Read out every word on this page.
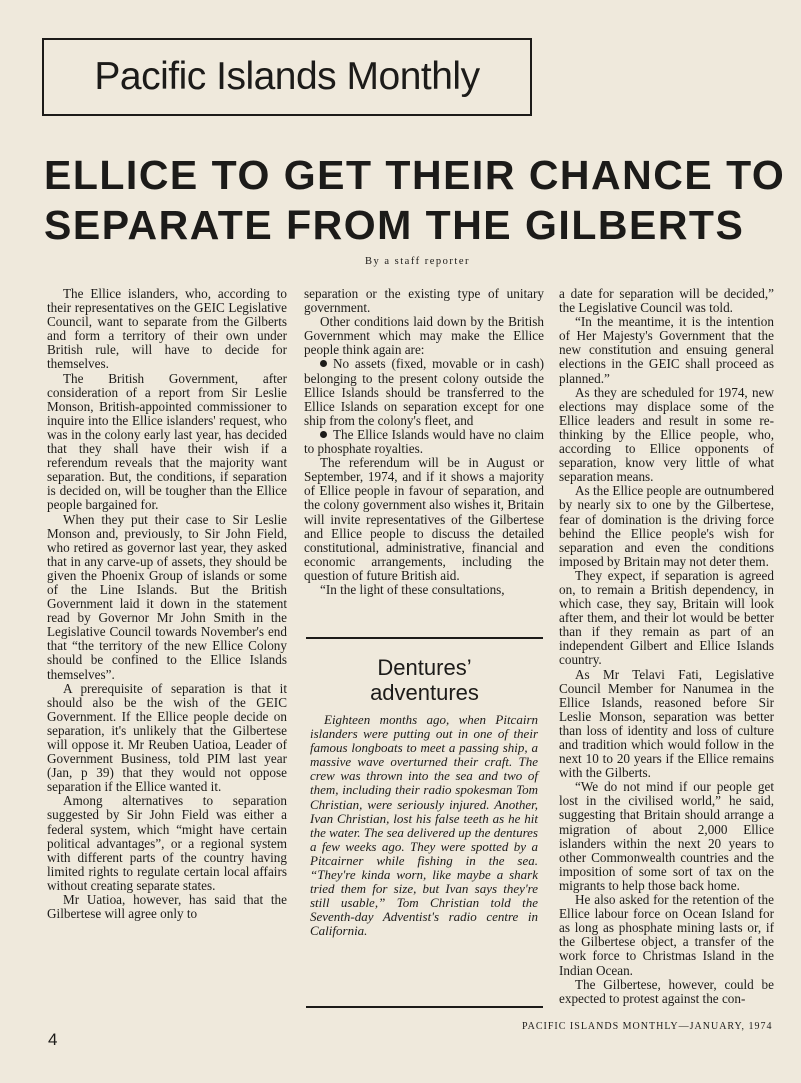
Pacific Islands Monthly
ELLICE TO GET THEIR CHANCE TO
SEPARATE FROM THE GILBERTS
By a staff reporter

The Ellice islanders, who, according to their representatives on the GEIC Legislative Council, want to separate from the Gilberts and form a territory of their own under British rule, will have to decide for themselves.

The British Government, after consideration of a report from Sir Leslie Monson, British-appointed commissioner to inquire into the Ellice islanders' request, who was in the colony early last year, has decided that they shall have their wish if a referendum reveals that the majority want separation. But, the conditions, if separation is decided on, will be tougher than the Ellice people bargained for.

When they put their case to Sir Leslie Monson and, previously, to Sir John Field, who retired as governor last year, they asked that in any carve-up of assets, they should be given the Phoenix Group of islands or some of the Line Islands. But the British Government laid it down in the statement read by Governor Mr John Smith in the Legislative Council towards November's end that “the territory of the new Ellice Colony should be confined to the Ellice Islands themselves”.

A prerequisite of separation is that it should also be the wish of the GEIC Government. If the Ellice people decide on separation, it's unlikely that the Gilbertese will oppose it. Mr Reuben Uatioa, Leader of Government Business, told PIM last year (Jan, p 39) that they would not oppose separation if the Ellice wanted it.

Among alternatives to separation suggested by Sir John Field was either a federal system, which “might have certain political advantages”, or a regional system with different parts of the country having limited rights to regulate certain local affairs without creating separate states.

Mr Uatioa, however, has said that the Gilbertese will agree only to

separation or the existing type of unitary government.

Other conditions laid down by the British Government which may make the Ellice people think again are:

No assets (fixed, movable or in cash) belonging to the present colony outside the Ellice Islands should be transferred to the Ellice Islands on separation except for one ship from the colony's fleet, and

The Ellice Islands would have no claim to phosphate royalties.

The referendum will be in August or September, 1974, and if it shows a majority of Ellice people in favour of separation, and the colony government also wishes it, Britain will invite representatives of the Gilbertese and Ellice people to discuss the detailed constitutional, administrative, financial and economic arrangements, including the question of future British aid.

“In the light of these consultations,

Dentures’
adventures

Eighteen months ago, when Pitcairn islanders were putting out in one of their famous longboats to meet a passing ship, a massive wave overturned their craft. The crew was thrown into the sea and two of them, including their radio spokesman Tom Christian, were seriously injured. Another, Ivan Christian, lost his false teeth as he hit the water. The sea delivered up the dentures a few weeks ago. They were spotted by a Pitcairner while fishing in the sea. “They're kinda worn, like maybe a shark tried them for size, but Ivan says they're still usable,” Tom Christian told the Seventh-day Adventist's radio centre in California.

a date for separation will be decided,” the Legislative Council was told.

“In the meantime, it is the intention of Her Majesty's Government that the new constitution and ensuing general elections in the GEIC shall proceed as planned.”

As they are scheduled for 1974, new elections may displace some of the Ellice leaders and result in some re-thinking by the Ellice people, who, according to Ellice opponents of separation, know very little of what separation means.

As the Ellice people are outnumbered by nearly six to one by the Gilbertese, fear of domination is the driving force behind the Ellice people's wish for separation and even the conditions imposed by Britain may not deter them.

They expect, if separation is agreed on, to remain a British dependency, in which case, they say, Britain will look after them, and their lot would be better than if they remain as part of an independent Gilbert and Ellice Islands country.

As Mr Telavi Fati, Legislative Council Member for Nanumea in the Ellice Islands, reasoned before Sir Leslie Monson, separation was better than loss of identity and loss of culture and tradition which would follow in the next 10 to 20 years if the Ellice remains with the Gilberts.

“We do not mind if our people get lost in the civilised world,” he said, suggesting that Britain should arrange a migration of about 2,000 Ellice islanders within the next 20 years to other Commonwealth countries and the imposition of some sort of tax on the migrants to help those back home.

He also asked for the retention of the Ellice labour force on Ocean Island for as long as phosphate mining lasts or, if the Gilbertese object, a transfer of the work force to Christmas Island in the Indian Ocean.

The Gilbertese, however, could be expected to protest against the con-

PACIFIC ISLANDS MONTHLY—JANUARY, 1974
4
